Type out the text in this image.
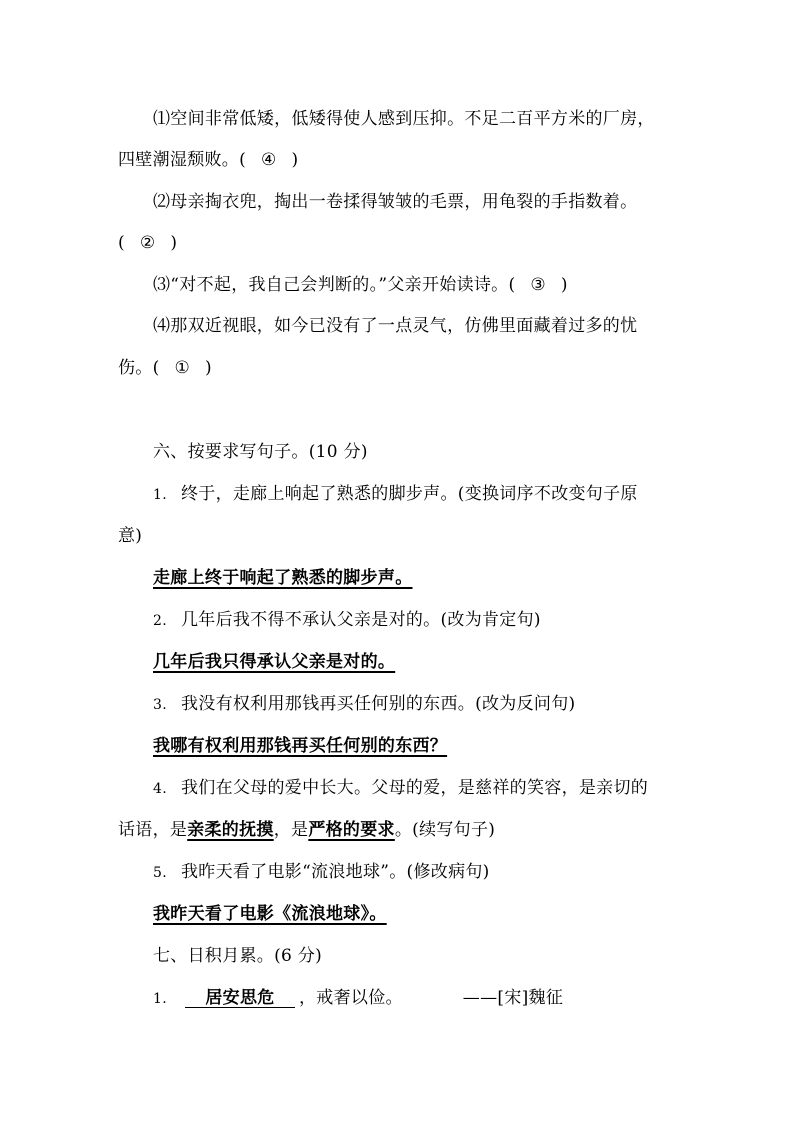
⑴空间非常低矮，低矮得使人感到压抑。不足二百平方米的厂房，
四壁潮湿颓败。( ④ )
⑵母亲掏衣兜，掏出一卷揉得皱皱的毛票，用龟裂的手指数着。
( ② )
⑶“对不起，我自己会判断的。”父亲开始读诗。( ③ )
⑷那双近视眼，如今已没有了一点灵气，仿佛里面藏着过多的忧
伤。( ① )
六、按要求写句子。(10 分)
1. 终于，走廊上响起了熟悉的脚步声。(变换词序不改变句子原
意)
走廊上终于响起了熟悉的脚步声。
2. 几年后我不得不承认父亲是对的。(改为肯定句)
几年后我只得承认父亲是对的。
3. 我没有权利用那钱再买任何别的东西。(改为反问句)
我哪有权利用那钱再买任何别的东西？
4. 我们在父母的爱中长大。父母的爱，是慈祥的笑容，是亲切的
话语，是亲柔的抚摸，是严格的要求。(续写句子)
5. 我昨天看了电影“流浪地球”。(修改病句)
我昨天看了电影《流浪地球》。
七、日积月累。(6 分)
1. 居安思危 ，戒奢以俭。	——[宋]魏征
